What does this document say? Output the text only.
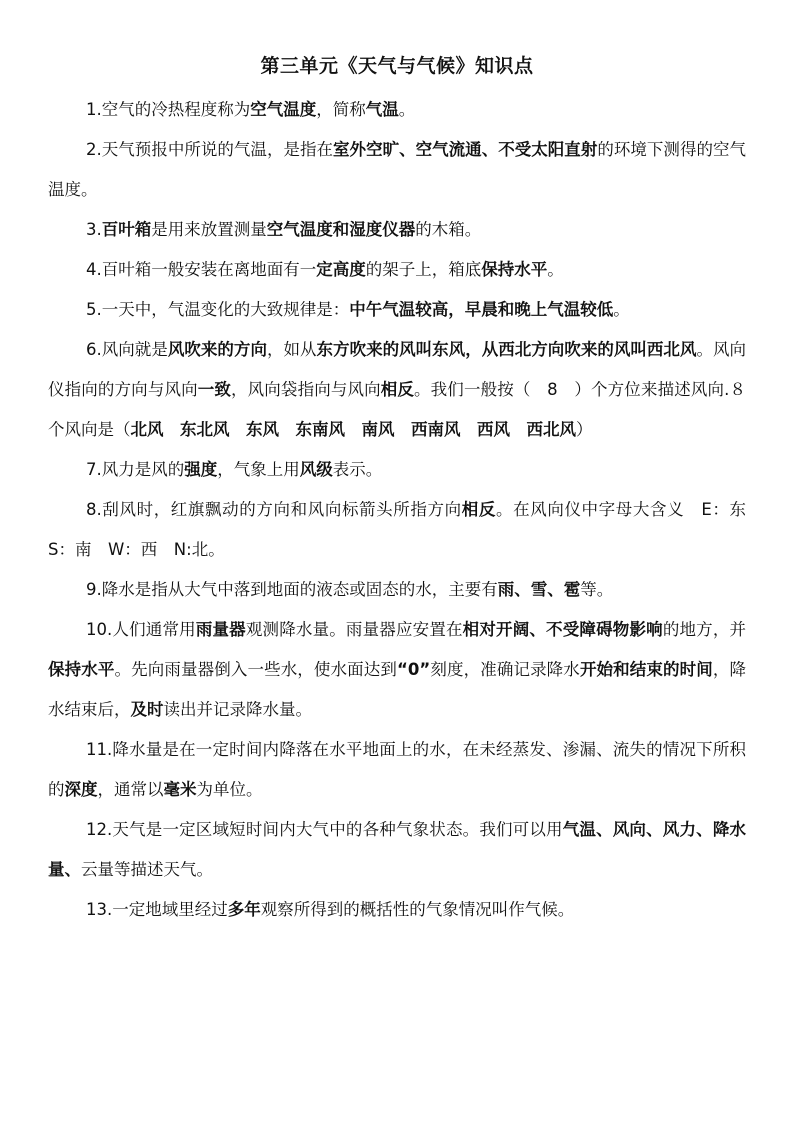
第三单元《天气与气候》知识点

1.空气的冷热程度称为空气温度，简称气温。

2.天气预报中所说的气温，是指在室外空旷、空气流通、不受太阳直射的环境下测得的空气温度。

3.百叶箱是用来放置测量空气温度和湿度仪器的木箱。

4.百叶箱一般安装在离地面有一定高度的架子上，箱底保持水平。

5.一天中，气温变化的大致规律是：中午气温较高，早晨和晚上气温较低。

6.风向就是风吹来的方向，如从东方吹来的风叫东风，从西北方向吹来的风叫西北风。风向仪指向的方向与风向一致，风向袋指向与风向相反。我们一般按（　8　）个方位来描述风向.８个风向是（北风　东北风　东风　东南风　南风　西南风　西风　西北风）

7.风力是风的强度，气象上用风级表示。

8.刮风时，红旗飘动的方向和风向标箭头所指方向相反。在风向仪中字母大含义　E：东　S：南　W：西　N:北。

9.降水是指从大气中落到地面的液态或固态的水，主要有雨、雪、雹等。

10.人们通常用雨量器观测降水量。雨量器应安置在相对开阔、不受障碍物影响的地方，并保持水平。先向雨量器倒入一些水，使水面达到“0”刻度，准确记录降水开始和结束的时间，降水结束后，及时读出并记录降水量。

11.降水量是在一定时间内降落在水平地面上的水，在未经蒸发、渗漏、流失的情况下所积的深度，通常以毫米为单位。

12.天气是一定区域短时间内大气中的各种气象状态。我们可以用气温、风向、风力、降水量、云量等描述天气。

13.一定地域里经过多年观察所得到的概括性的气象情况叫作气候。
